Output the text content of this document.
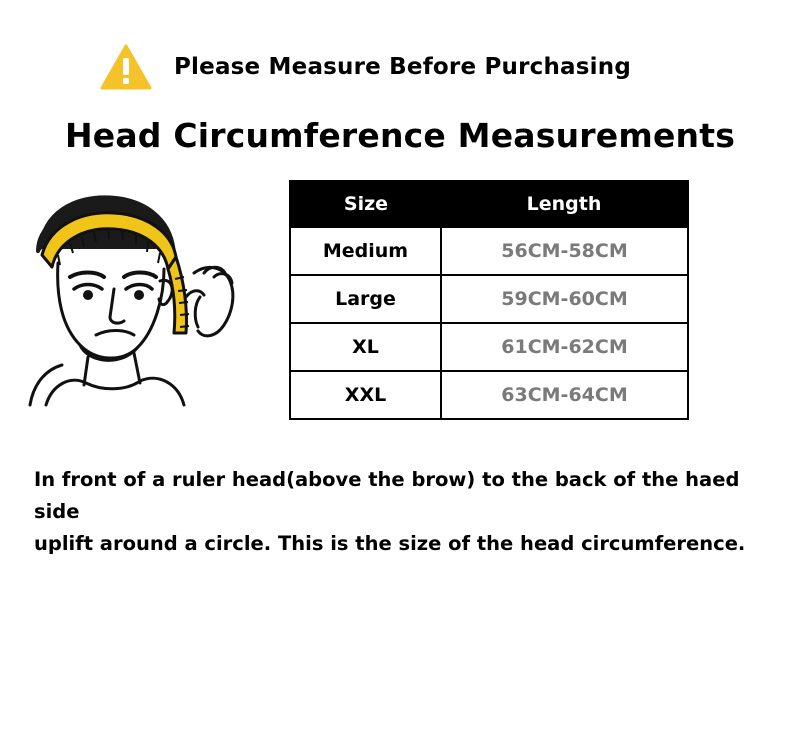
Please Measure Before Purchasing
Head Circumference Measurements
Size	Length
Medium	56CM-58CM
Large	59CM-60CM
XL	61CM-62CM
XXL	63CM-64CM
In front of a ruler head(above the brow) to the back of the haed side
uplift around a circle. This is the size of the head circumference.
